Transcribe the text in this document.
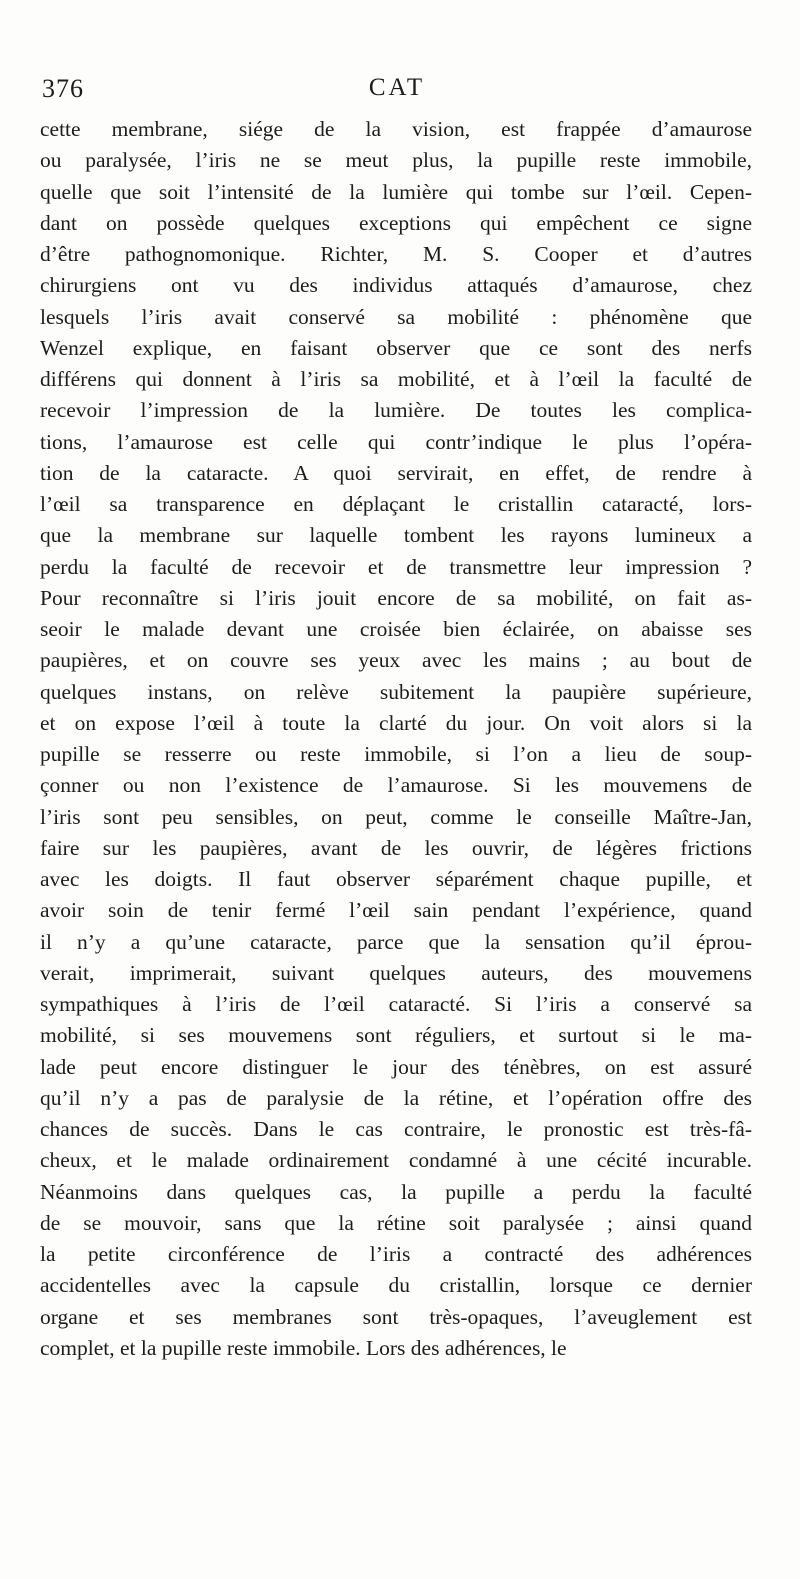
376	CAT
cette membrane, siége de la vision, est frappée d’amaurose
ou paralysée, l’iris ne se meut plus, la pupille reste immobile,
quelle que soit l’intensité de la lumière qui tombe sur l’œil. Cepen-
dant on possède quelques exceptions qui empêchent ce signe
d’être pathognomonique. Richter, M. S. Cooper et d’autres
chirurgiens ont vu des individus attaqués d’amaurose, chez
lesquels l’iris avait conservé sa mobilité : phénomène que
Wenzel explique, en faisant observer que ce sont des nerfs
différens qui donnent à l’iris sa mobilité, et à l’œil la faculté de
recevoir l’impression de la lumière. De toutes les complica-
tions, l’amaurose est celle qui contr’indique le plus l’opéra-
tion de la cataracte. A quoi servirait, en effet, de rendre à
l’œil sa transparence en déplaçant le cristallin cataracté, lors-
que la membrane sur laquelle tombent les rayons lumineux a
perdu la faculté de recevoir et de transmettre leur impression ?
Pour reconnaître si l’iris jouit encore de sa mobilité, on fait as-
seoir le malade devant une croisée bien éclairée, on abaisse ses
paupières, et on couvre ses yeux avec les mains ; au bout de
quelques instans, on relève subitement la paupière supérieure,
et on expose l’œil à toute la clarté du jour. On voit alors si la
pupille se resserre ou reste immobile, si l’on a lieu de soup-
çonner ou non l’existence de l’amaurose. Si les mouvemens de
l’iris sont peu sensibles, on peut, comme le conseille Maître-Jan,
faire sur les paupières, avant de les ouvrir, de légères frictions
avec les doigts. Il faut observer séparément chaque pupille, et
avoir soin de tenir fermé l’œil sain pendant l’expérience, quand
il n’y a qu’une cataracte, parce que la sensation qu’il éprou-
verait, imprimerait, suivant quelques auteurs, des mouvemens
sympathiques à l’iris de l’œil cataracté. Si l’iris a conservé sa
mobilité, si ses mouvemens sont réguliers, et surtout si le ma-
lade peut encore distinguer le jour des ténèbres, on est assuré
qu’il n’y a pas de paralysie de la rétine, et l’opération offre des
chances de succès. Dans le cas contraire, le pronostic est très-fâ-
cheux, et le malade ordinairement condamné à une cécité incurable.
Néanmoins dans quelques cas, la pupille a perdu la faculté
de se mouvoir, sans que la rétine soit paralysée ; ainsi quand
la petite circonférence de l’iris a contracté des adhérences
accidentelles avec la capsule du cristallin, lorsque ce dernier
organe et ses membranes sont très-opaques, l’aveuglement est
complet, et la pupille reste immobile. Lors des adhérences, le
